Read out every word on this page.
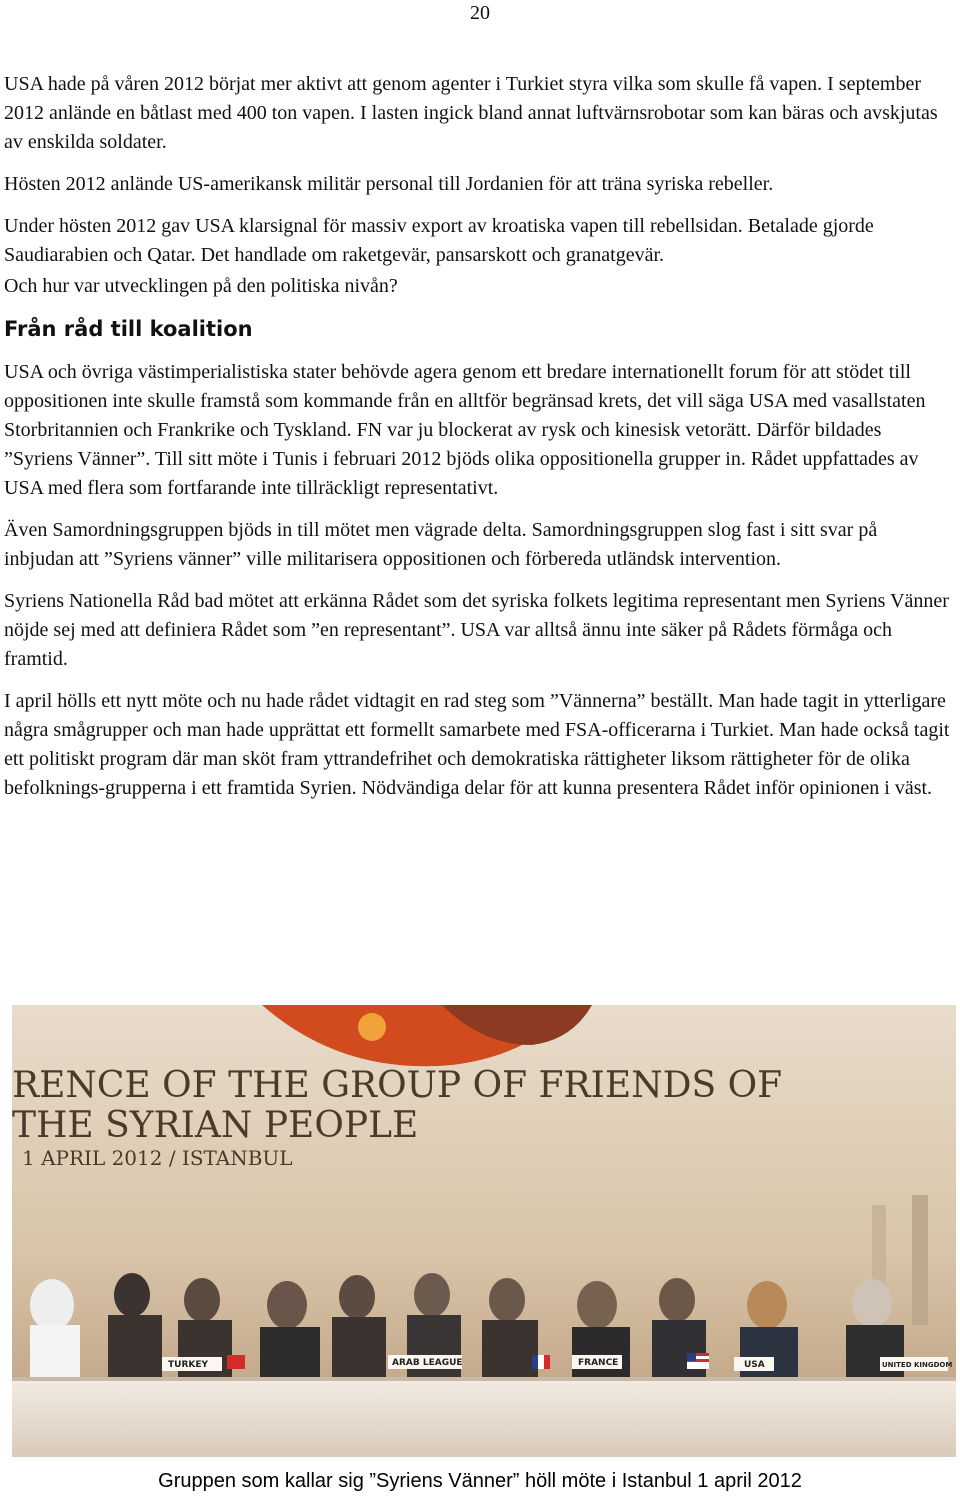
20

USA hade på våren 2012 börjat mer aktivt att genom agenter i Turkiet styra vilka som skulle få vapen. I september 2012 anlände en båtlast med 400 ton vapen. I lasten ingick bland annat luftvärnsrobotar som kan bäras och avskjutas av enskilda soldater.

Hösten 2012 anlände US-amerikansk militär personal till Jordanien för att träna syriska rebeller.

Under hösten 2012 gav USA klarsignal för massiv export av kroatiska vapen till rebellsidan. Betalade gjorde Saudiarabien och Qatar. Det handlade om raketgevär, pansarskott och granatgevär.

Och hur var utvecklingen på den politiska nivån?

Från råd till koalition

USA och övriga västimperialistiska stater behövde agera genom ett bredare internationellt forum för att stödet till oppositionen inte skulle framstå som kommande från en alltför begränsad krets, det vill säga USA med vasallstaten Storbritannien och Frankrike och Tyskland. FN var ju blockerat av rysk och kinesisk vetorätt. Därför bildades ”Syriens Vänner”. Till sitt möte i Tunis i februari 2012 bjöds olika oppositionella grupper in. Rådet uppfattades av USA med flera som fortfarande inte tillräckligt representativt.

Även Samordningsgruppen bjöds in till mötet men vägrade delta. Samordningsgruppen slog fast i sitt svar på inbjudan att ”Syriens vänner” ville militarisera oppositionen och förbereda utländsk intervention.

Syriens Nationella Råd bad mötet att erkänna Rådet som det syriska folkets legitima representant men Syriens Vänner nöjde sej med att definiera Rådet som ”en representant”. USA var alltså ännu inte säker på Rådets förmåga och framtid.

I april hölls ett nytt möte och nu hade rådet vidtagit en rad steg som ”Vännerna” beställt. Man hade tagit in ytterligare några smågrupper och man hade upprättat ett formellt samarbete med FSA-officerarna i Turkiet. Man hade också tagit ett politiskt program där man sköt fram yttrandefrihet och demokratiska rättigheter liksom rättigheter för de olika befolknings-grupperna i ett framtida Syrien. Nödvändiga delar för att kunna presentera Rådet inför opinionen i väst.

RENCE OF THE GROUP OF FRIENDS OF
THE SYRIAN PEOPLE
1 APRIL 2012 / ISTANBUL
TURKEY	ARAB LEAGUE	FRANCE	USA	UNITED KINGDOM
Gruppen som kallar sig ”Syriens Vänner” höll möte i Istanbul 1 april 2012
